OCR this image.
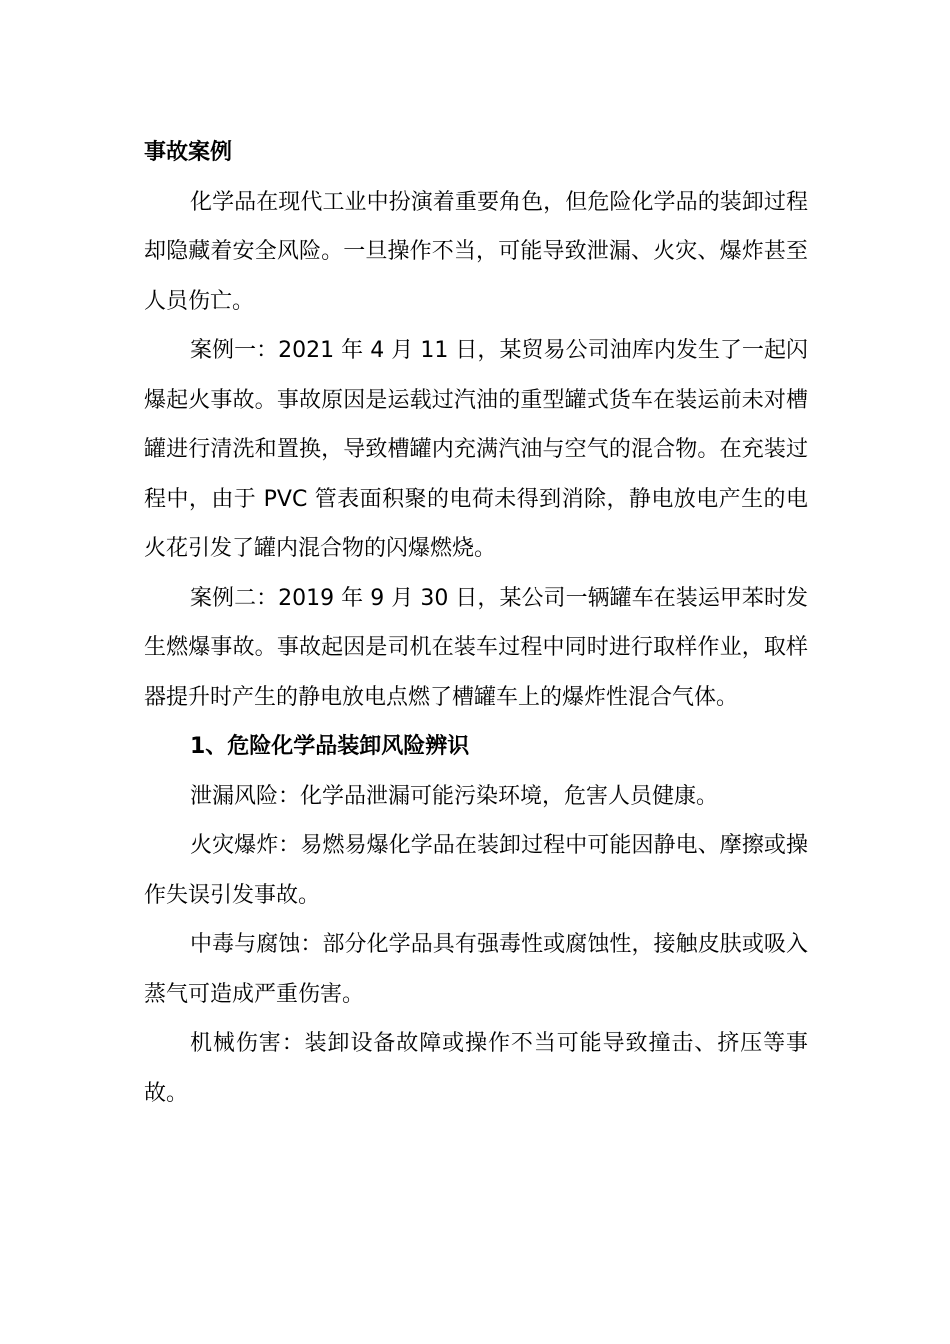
事故案例

化学品在现代工业中扮演着重要角色，但危险化学品的装卸过程却隐藏着安全风险。一旦操作不当，可能导致泄漏、火灾、爆炸甚至人员伤亡。

案例一：2021 年 4 月 11 日，某贸易公司油库内发生了一起闪爆起火事故。事故原因是运载过汽油的重型罐式货车在装运前未对槽罐进行清洗和置换，导致槽罐内充满汽油与空气的混合物。在充装过程中，由于 PVC 管表面积聚的电荷未得到消除，静电放电产生的电火花引发了罐内混合物的闪爆燃烧。

案例二：2019 年 9 月 30 日，某公司一辆罐车在装运甲苯时发生燃爆事故。事故起因是司机在装车过程中同时进行取样作业，取样器提升时产生的静电放电点燃了槽罐车上的爆炸性混合气体。

1、危险化学品装卸风险辨识

泄漏风险：化学品泄漏可能污染环境，危害人员健康。

火灾爆炸：易燃易爆化学品在装卸过程中可能因静电、摩擦或操作失误引发事故。

中毒与腐蚀：部分化学品具有强毒性或腐蚀性，接触皮肤或吸入蒸气可造成严重伤害。

机械伤害：装卸设备故障或操作不当可能导致撞击、挤压等事故。
